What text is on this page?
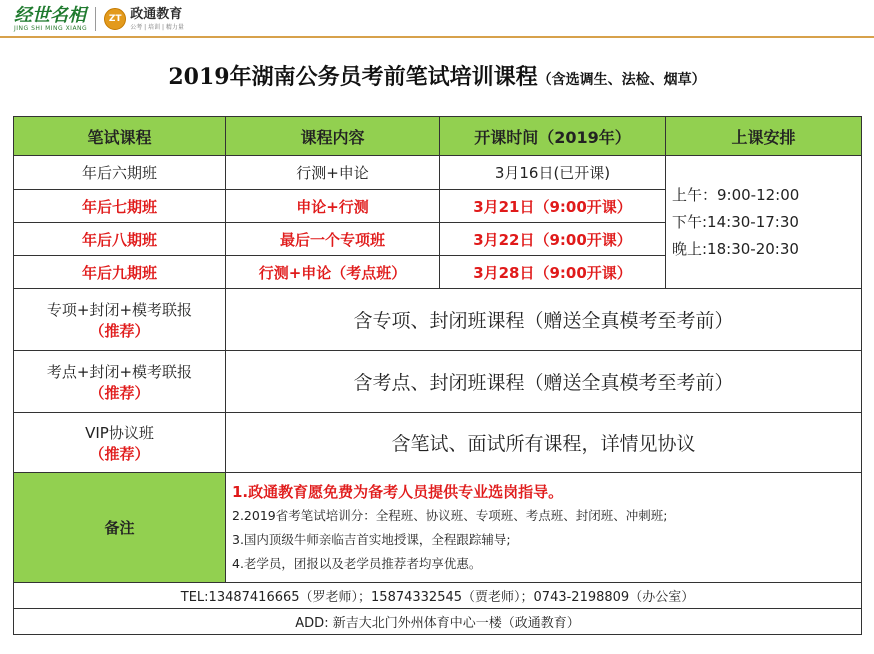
经世名相
JING SHI MING XIANG
ZT 政通教育
公考 | 培训 | 精力量
2019年湖南公务员考前笔试培训课程（含选调生、法检、烟草）
笔试课程	课程内容	开课时间（2019年）	上课安排
年后六期班	行测+申论	3月16日(已开课)	上午：9:00-12:00
下午:14:30-17:30
晚上:18:30-20:30

年后七期班	申论+行测	3月21日（9:00开课）	
年后八期班	最后一个专项班	3月22日（9:00开课）	
年后九期班	行测+申论（考点班）	3月28日（9:00开课）	

专项+封闭+模考联报
（推荐）	含专项、封闭班课程（赠送全真模考至考前）		

考点+封闭+模考联报
（推荐）	含考点、封闭班课程（赠送全真模考至考前）		

VIP协议班
（推荐）	含笔试、面试所有课程，详情见协议		
备注	1.政通教育愿免费为备考人员提供专业选岗指导。
2.2019省考笔试培训分：全程班、协议班、专项班、考点班、封闭班、冲刺班;
3.国内顶级牛师亲临吉首实地授课，全程跟踪辅导;
4.老学员，团报以及老学员推荐者均享优惠。		

TEL:13487416665（罗老师）；15874332545（贾老师）；0743-2198809（办公室）			
ADD: 新吉大北门外州体育中心一楼（政通教育）			
